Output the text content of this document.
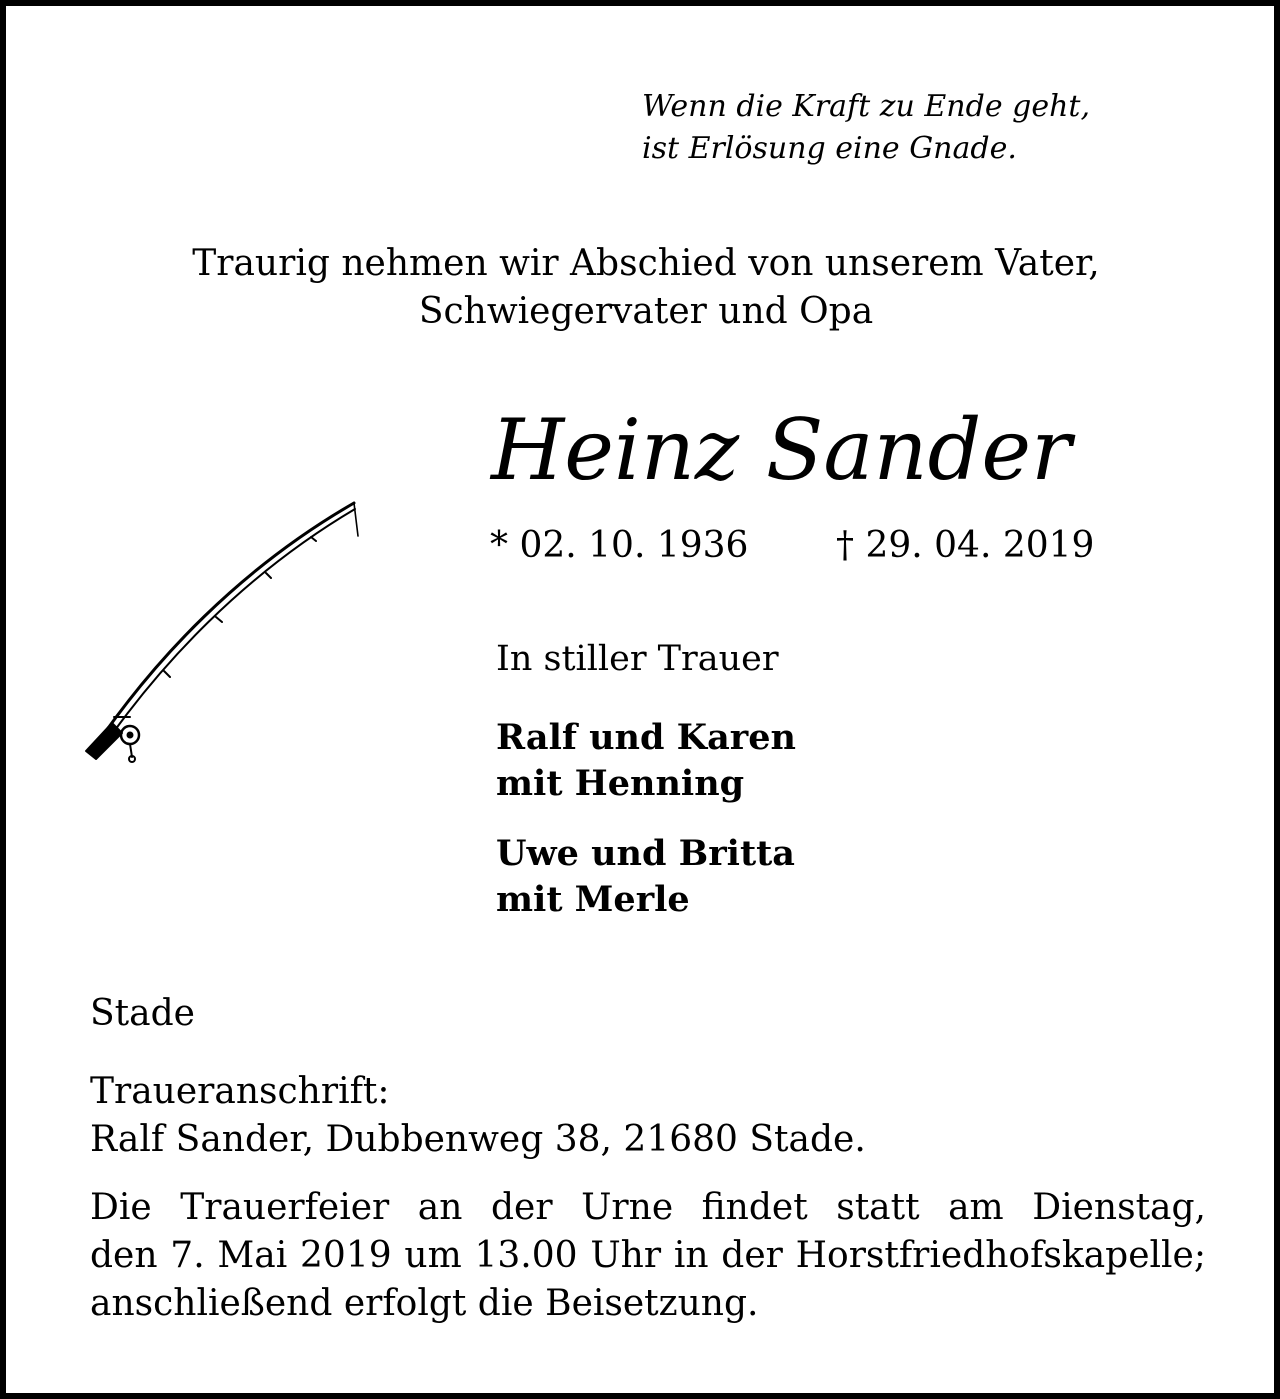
Wenn die Kraft zu Ende geht,
ist Erlösung eine Gnade.
Traurig nehmen wir Abschied von unserem Vater,
Schwiegervater und Opa
Heinz Sander
* 02. 10. 1936 † 29. 04. 2019
In stiller Trauer
Ralf und Karen
mit Henning
Uwe und Britta
mit Merle
Stade
Traueranschrift:
Ralf Sander, Dubbenweg 38, 21680 Stade.
Die Trauerfeier an der Urne findet statt am Dienstag,
den 7. Mai 2019 um 13.00 Uhr in der Horstfriedhofskapelle;
anschließend erfolgt die Beisetzung.
